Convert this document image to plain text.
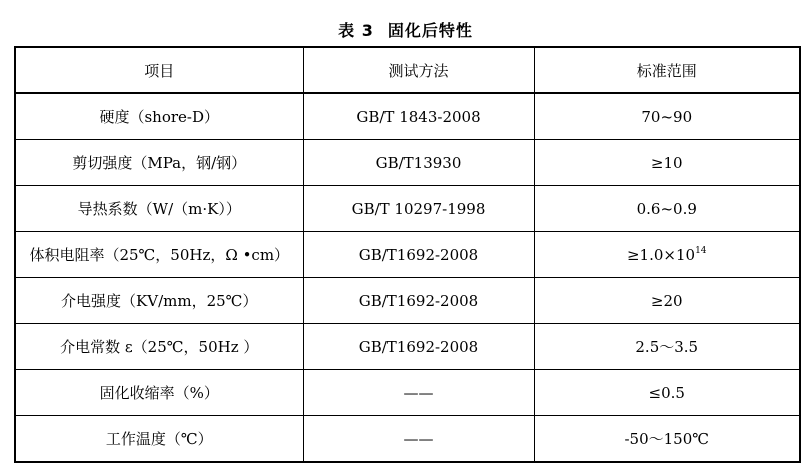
表 3 固化后特性
项目	测试方法	标准范围
硬度（shore-D）	GB/T 1843-2008	70~90
剪切强度（MPa，钢/钢）	GB/T13930	≥10
导热系数（W/（m·K））	GB/T 10297-1998	0.6~0.9
体积电阻率（25℃，50Hz，Ω •cm）	GB/T1692-2008	$\ge 1.0\times 10^{14}$
介电强度（KV/mm，25℃）	GB/T1692-2008	≥20
介电常数 ε（25℃，50Hz ）	GB/T1692-2008	2.5～3.5
固化收缩率（%）	——	≤0.5
工作温度（℃）	——	-50～150℃
